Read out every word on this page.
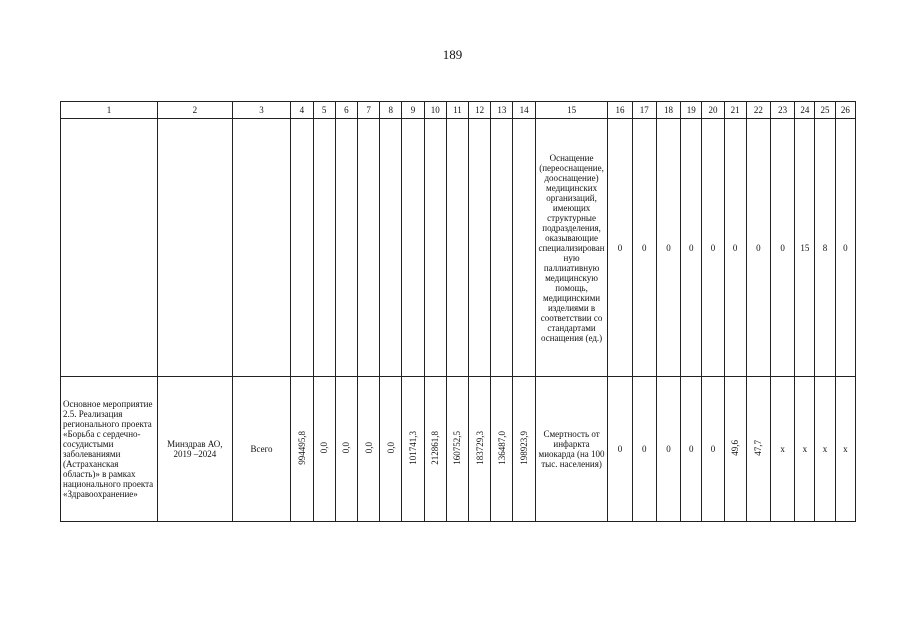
189
1	2	3	4	5	6	7	8	9	10	11	12	13	14	15	16	17	18	19	20	21	22	23	24	25	26

														Оснащение (переоснащение, дооснащение) медицинских организаций, имеющих структурные подразделения, оказывающие специализированную паллиативную медицинскую помощь, медицинскими изделиями в соответствии со стандартами оснащения (ед.)	0	0	0	0	0	0	0	0	15	8	0

Основное мероприятие 2.5. Реализация регионального проекта «Борьба с сердечно-сосудистыми заболеваниями (Астраханская область)» в рамках национального проекта «Здравоохранение»	Минздрав АО, 2019 –2024	Всего	994495,8	0,0	0,0	0,0	0,0	101741,3	212861,8	160752,5	183729,3	136487,0	198923,9	Смертность от инфаркта миокарда (на 100 тыс. населения)	0	0	0	0	0	49,6	47,7	x	x	x	x
